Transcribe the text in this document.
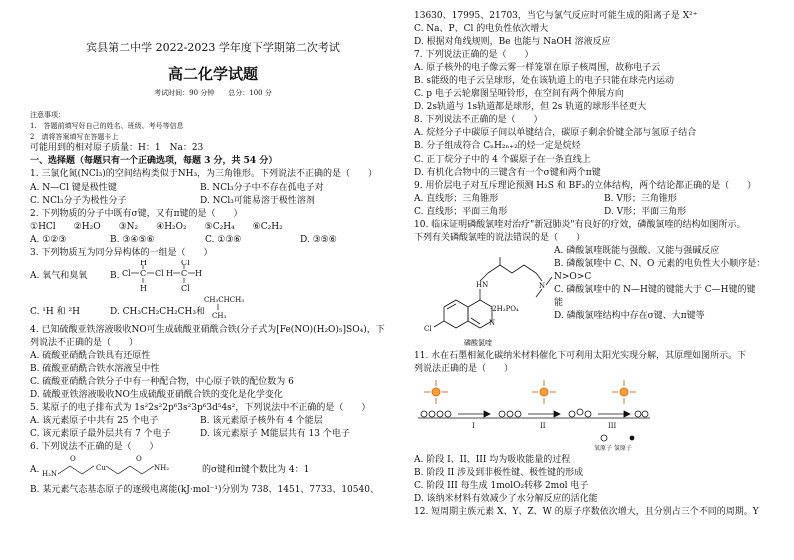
宾县第二中学 2022-2023 学年度下学期第二次考试
高二化学试题
考试时间：90 分钟　　总分：100 分
注意事项：
1.　答题前填写好自己的姓名、班级、考号等信息
2　请将答案填写在答题卡上
可能用到的相对原子质量：H：1　Na：23
一、选择题（每题只有一个正确选项，每题 3 分，共 54 分）
1. 三氯化氮(NCl₃)的空间结构类似于NH₃，为三角锥形。下列说法不正确的是（　　）
A. N—Cl 键是极性键	B. NCl₃分子中不存在孤电子对
C. NCl₃分子为极性分子	D. NCl₃可能易溶于极性溶剂
2. 下列物质的分子中既有σ键，又有π键的是（　　）
①HCl　　②H₂O　　③N₂　　④H₂O₂　　⑤C₂H₄　　⑥C₂H₂
A. ①②③	B. ③④⑤⑥	C. ①③⑥	D. ③⑤⑥
3. 下列物质互为同分异构体的一组是（　　）
A. 氧气和臭氧	B. Cl C Cl
H
H
H C H
Cl
Cl
C. ¹H 和 ²H	D. CH₃CH₂CH₂CH₃和
CH₃CHCH₃
CH₃
4. 已知硫酸亚铁溶液吸收NO可生成硫酸亚硝酰合铁(分子式为[Fe(NO)(H₂O)₅]SO₄)，下
列说法不正确的是（　　）
A. 硫酸亚硝酰合铁具有还原性
B. 硫酸亚硝酰合铁水溶液呈中性
C. 硫酸亚硝酰合铁分子中有一种配合物，中心原子铁的配位数为 6
D. 硫酸亚铁溶液吸收NO生成硫酸亚硝酰合铁的变化是化学变化
5. 某原子的电子排布式为 1s²2s²2p⁶3s²3p⁶3d⁵4s²，下列说法中不正确的是（　　）
A. 该元素原子中共有 25 个电子	B. 该元素原子核外有 4 个能层
C. 该元素原子最外层共有 7 个电子	D. 该元素原子 M能层共有 13 个电子
6. 下列说法不正确的是（　　）
A. H₂N
O
Cu
O
NH₂	的σ键和π键个数比为 4：1
B. 某元素气态基态原子的逐级电离能(kJ·mol⁻¹)分别为 738、1451、7733、10540、
13630、17995、21703，当它与氯气反应时可能生成的阳离子是 X²⁺
C. Na、P、Cl 的电负性依次增大
D. 根据对角线规则，Be 也能与 NaOH 溶液反应
7. 下列说法正确的是（　　）
A. 原子核外的电子像云雾一样笼罩在原子核周围，故称电子云
B. s能级的电子云呈球形，处在该轨道上的电子只能在球壳内运动
C. p 电子云轮廓图呈哑铃形，在空间有两个伸展方向
D. 2s轨道与 1s轨道都是球形，但 2s 轨道的球形半径更大
8. 下列说法不正确的是（　　）
A. 烷烃分子中碳原子间以单键结合，碳原子剩余价键全部与氢原子结合
B. 分子组成符合 CₙH₂ₙ₊₂的烃一定是烷烃
C. 正丁烷分子中的 4 个碳原子在一条直线上
D. 有机化合物中的三键含有一个σ键和两个π键
9. 用价层电子对互斥理论预测 H₂S 和 BF₃的立体结构，两个结论都正确的是（　　）
A. 直线形；三角锥形	B. V形；三角锥形
C. 直线形；平面三角形	D. V形；平面三角形
10. 临床证明磷酸氯喹对治疗"新冠肺炎"有良好的疗效，磷酸氯喹的结构如图所示。
下列有关磷酸氯喹的说法错误的是（　　）
HN	N
N
Cl
·2H₃PO₄
磷酸氯喹
A. 磷酸氯喹既能与强酸、又能与强碱反应
B. 磷酸氯喹中 C、N、O 元素的电负性大小顺序是：
N>O>C
C. 磷酸氯喹中的 N—H键的键能大于 C—H键的键
能
D. 磷酸氯喹结构中存在σ键、大π键等
11. 水在石墨相氮化碳纳米材料催化下可利用太阳光实现分解，其原理如图所示。下
列说法正确的是（　　）
I	II	III
氧原子 氢原子
A. 阶段 I、II、III 均为吸收能量的过程
B. 阶段 II 涉及到非极性键、极性键的形成
C. 阶段 III 每生成 1molO₂转移 2mol 电子
D. 该纳米材料有效减少了水分解反应的活化能
12. 短周期主族元素 X、Y、Z、W 的原子序数依次增大，且分别占三个不同的周期。Y
